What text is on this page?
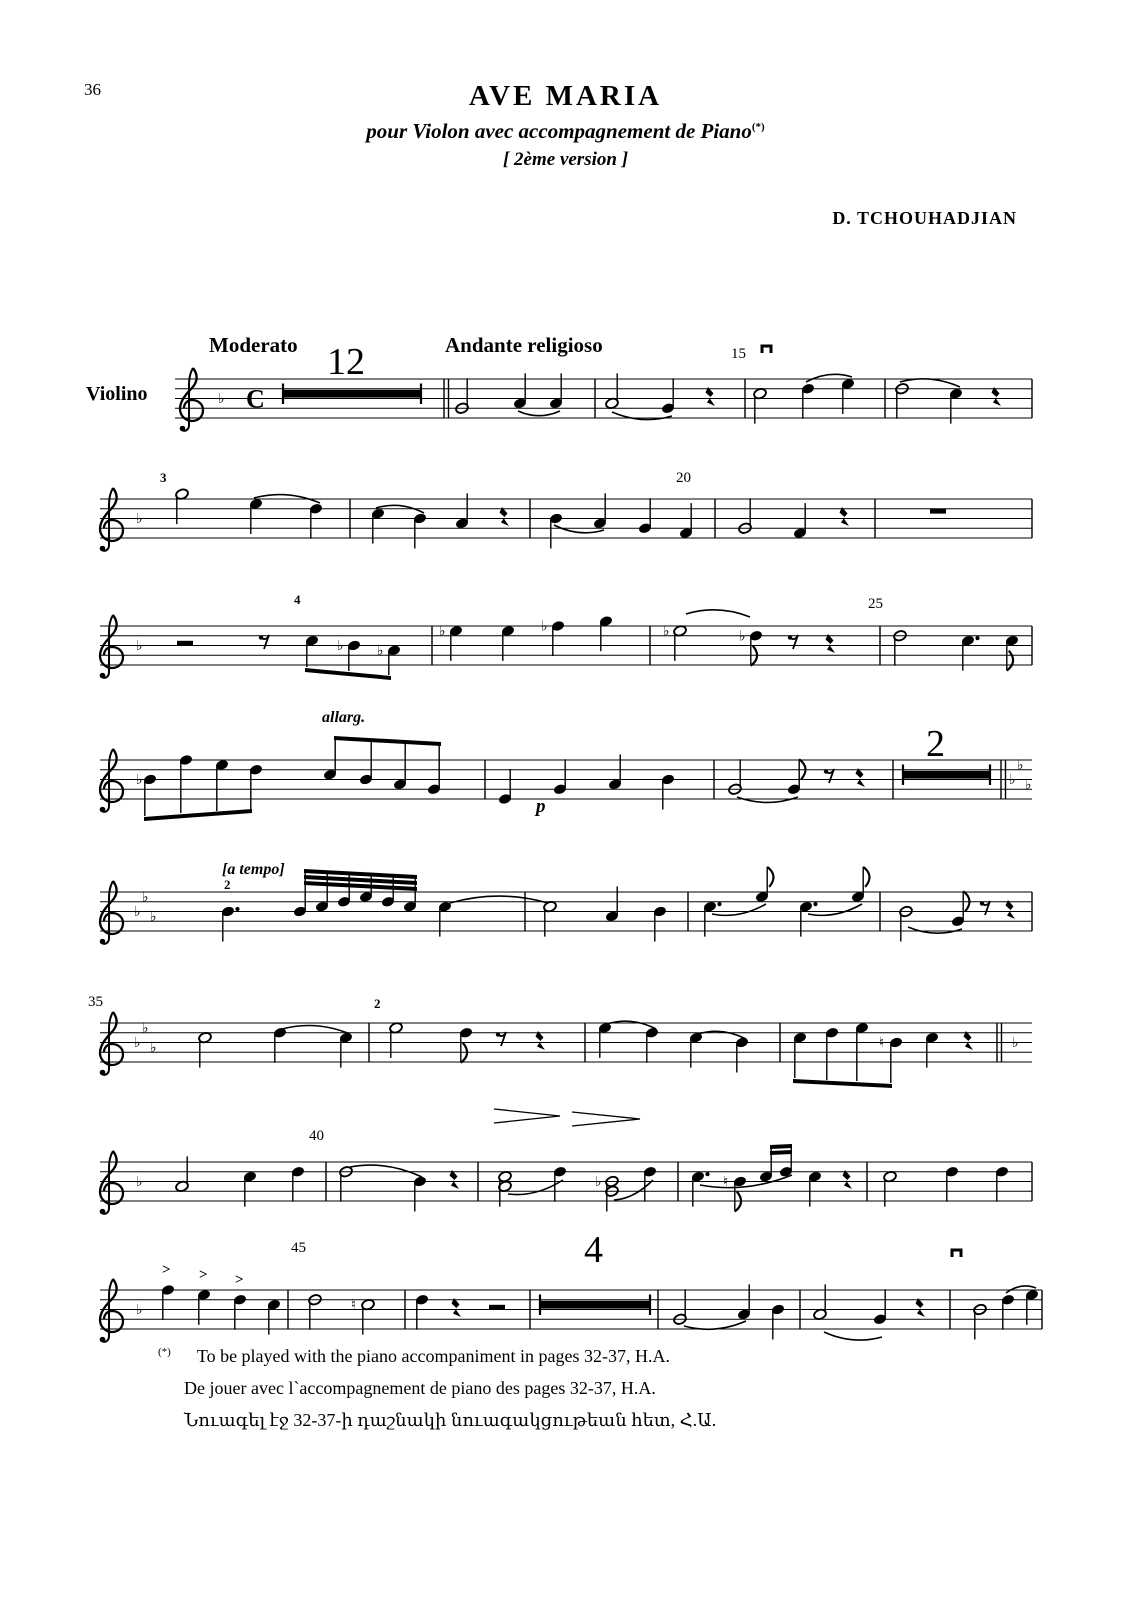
36	AVE MARIA
pour Violon avec accompagnement de Piano(*)
[ 2ème version ]
D. TCHOUHADJIAN
Violino
Moderato 12	Andante religioso	15
♭ C
3	20
♭
4	25
♭	♭ ♭
♭	♭	♭	♭
allarg.
p
2
♭	♭
♭
♭
[a tempo]
2
♭
♭
♭
35	2
♭
♭
♭	♮	♭
40
♭	♭	♮
45	4
> > >
♭	♮
(*) To be played with the piano accompaniment in pages 32-37, H.A.
De jouer avec l`accompagnement de piano des pages 32-37, H.A.
Նուագել էջ 32-37-ի դաշնակի նուագակցութեան հետ, Հ.Ա.
